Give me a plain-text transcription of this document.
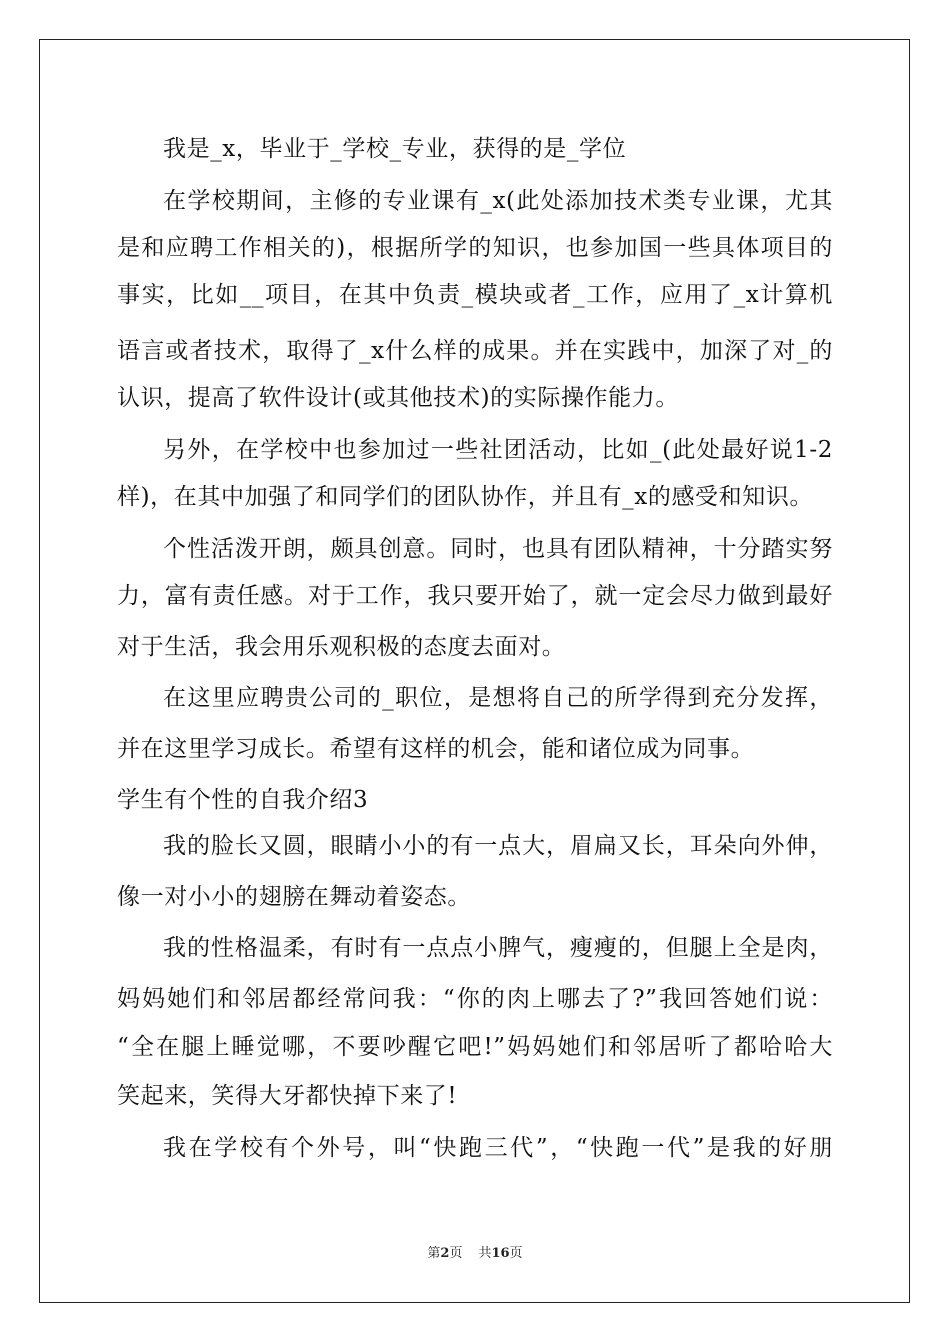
我是_x，毕业于_学校_专业，获得的是_学位
在学校期间，主修的专业课有_x(此处添加技术类专业课，尤其
是和应聘工作相关的)，根据所学的知识，也参加国一些具体项目的
事实，比如__项目，在其中负责_模块或者_工作，应用了_x计算机
语言或者技术，取得了_x什么样的成果。并在实践中，加深了对_的
认识，提高了软件设计(或其他技术)的实际操作能力。
另外，在学校中也参加过一些社团活动，比如_(此处最好说1-2
样)，在其中加强了和同学们的团队协作，并且有_x的感受和知识。
个性活泼开朗，颇具创意。同时，也具有团队精神，十分踏实努
力，富有责任感。对于工作，我只要开始了，就一定会尽力做到最好
对于生活，我会用乐观积极的态度去面对。
在这里应聘贵公司的_职位，是想将自己的所学得到充分发挥，
并在这里学习成长。希望有这样的机会，能和诸位成为同事。
学生有个性的自我介绍3
我的脸长又圆，眼睛小小的有一点大，眉扁又长，耳朵向外伸，
像一对小小的翅膀在舞动着姿态。
我的性格温柔，有时有一点点小脾气，瘦瘦的，但腿上全是肉，
妈妈她们和邻居都经常问我：“你的肉上哪去了?”我回答她们说：
“全在腿上睡觉哪，不要吵醒它吧!”妈妈她们和邻居听了都哈哈大
笑起来，笑得大牙都快掉下来了!
我在学校有个外号，叫“快跑三代”，“快跑一代”是我的好朋
第2页 共16页
